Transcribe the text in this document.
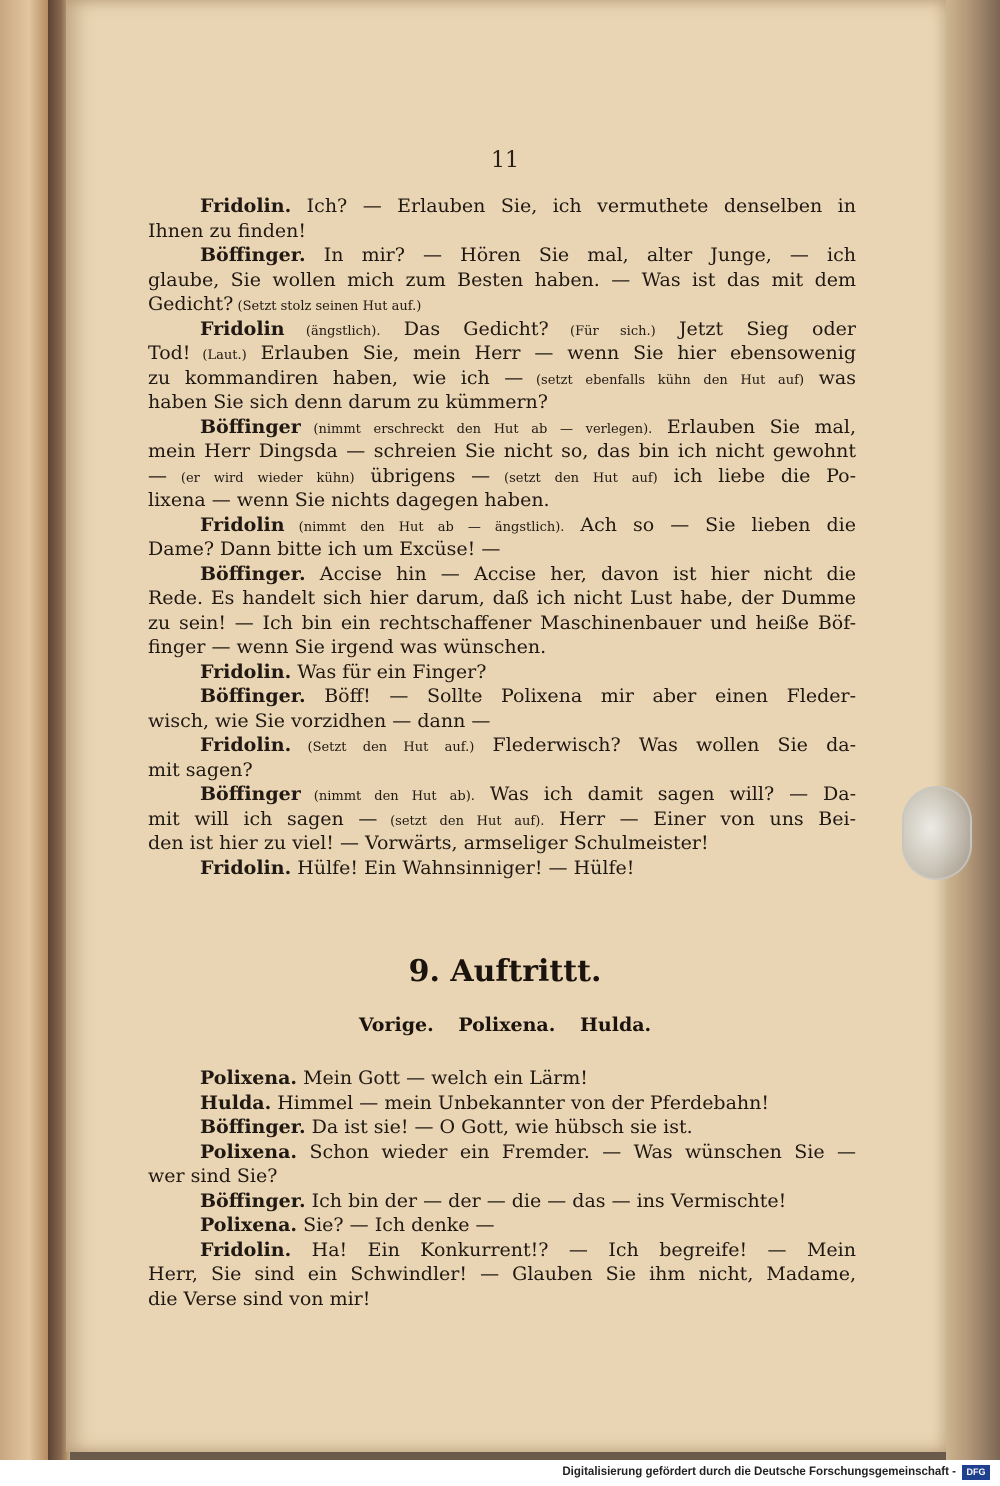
11
Fridolin. Ich? — Erlauben Sie, ich vermuthete denselben in
Ihnen zu finden!
Böffinger. In mir? — Hören Sie mal, alter Junge, — ich
glaube, Sie wollen mich zum Besten haben. — Was ist das mit dem
Gedicht? (Setzt stolz seinen Hut auf.)
Fridolin (ängstlich). Das Gedicht? (Für sich.) Jetzt Sieg oder
Tod! (Laut.) Erlauben Sie, mein Herr — wenn Sie hier ebensowenig
zu kommandiren haben, wie ich — (setzt ebenfalls kühn den Hut auf) was
haben Sie sich denn darum zu kümmern?
Böffinger (nimmt erschreckt den Hut ab — verlegen). Erlauben Sie mal,
mein Herr Dingsda — schreien Sie nicht so, das bin ich nicht gewohnt
— (er wird wieder kühn) übrigens — (setzt den Hut auf) ich liebe die Po-
lixena — wenn Sie nichts dagegen haben.
Fridolin (nimmt den Hut ab — ängstlich). Ach so — Sie lieben die
Dame? Dann bitte ich um Excüse! —
Böffinger. Accise hin — Accise her, davon ist hier nicht die
Rede. Es handelt sich hier darum, daß ich nicht Lust habe, der Dumme
zu sein! — Ich bin ein rechtschaffener Maschinenbauer und heiße Böf-
finger — wenn Sie irgend was wünschen.
Fridolin. Was für ein Finger?
Böffinger. Böff! — Sollte Polixena mir aber einen Fleder-
wisch, wie Sie vorzidhen — dann —
Fridolin. (Setzt den Hut auf.) Flederwisch? Was wollen Sie da-
mit sagen?
Böffinger (nimmt den Hut ab). Was ich damit sagen will? — Da-
mit will ich sagen — (setzt den Hut auf). Herr — Einer von uns Bei-
den ist hier zu viel! — Vorwärts, armseliger Schulmeister!
Fridolin. Hülfe! Ein Wahnsinniger! — Hülfe!
9. Auftrittt.
Vorige. Polixena. Hulda.
Polixena. Mein Gott — welch ein Lärm!
Hulda. Himmel — mein Unbekannter von der Pferdebahn!
Böffinger. Da ist sie! — O Gott, wie hübsch sie ist.
Polixena. Schon wieder ein Fremder. — Was wünschen Sie —
wer sind Sie?
Böffinger. Ich bin der — der — die — das — ins Vermischte!
Polixena. Sie? — Ich denke —
Fridolin. Ha! Ein Konkurrent!? — Ich begreife! — Mein
Herr, Sie sind ein Schwindler! — Glauben Sie ihm nicht, Madame,
die Verse sind von mir!
Digitalisierung gefördert durch die Deutsche Forschungsgemeinschaft -	DFG
